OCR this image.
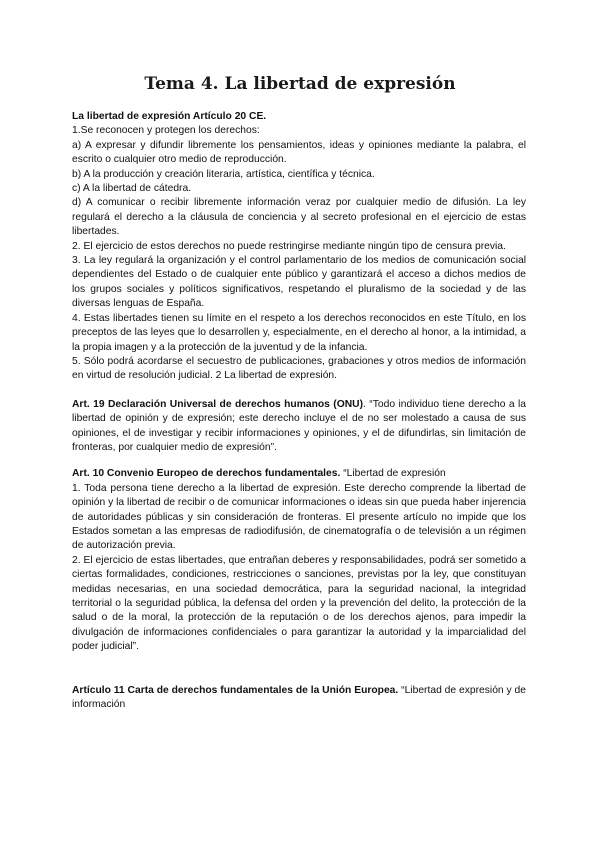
Tema 4. La libertad de expresión

La libertad de expresión Artículo 20 CE.

1.Se reconocen y protegen los derechos:

a) A expresar y difundir libremente los pensamientos, ideas y opiniones mediante la palabra, el escrito o cualquier otro medio de reproducción.

b) A la producción y creación literaria, artística, científica y técnica.

c) A la libertad de cátedra.

d) A comunicar o recibir libremente información veraz por cualquier medio de difusión. La ley regulará el derecho a la cláusula de conciencia y al secreto profesional en el ejercicio de estas libertades.

2. El ejercicio de estos derechos no puede restringirse mediante ningún tipo de censura previa.

3. La ley regulará la organización y el control parlamentario de los medios de comunicación social dependientes del Estado o de cualquier ente público y garantizará el acceso a dichos medios de los grupos sociales y políticos significativos, respetando el pluralismo de la sociedad y de las diversas lenguas de España.

4. Estas libertades tienen su límite en el respeto a los derechos reconocidos en este Título, en los preceptos de las leyes que lo desarrollen y, especialmente, en el derecho al honor, a la intimidad, a la propia imagen y a la protección de la juventud y de la infancia.

5. Sólo podrá acordarse el secuestro de publicaciones, grabaciones y otros medios de información en virtud de resolución judicial. 2 La libertad de expresión.

Art. 19 Declaración Universal de derechos humanos (ONU). “Todo individuo tiene derecho a la libertad de opinión y de expresión; este derecho incluye el de no ser molestado a causa de sus opiniones, el de investigar y recibir informaciones y opiniones, y el de difundirlas, sin limitación de fronteras, por cualquier medio de expresión”.

Art. 10 Convenio Europeo de derechos fundamentales. “Libertad de expresión

1. Toda persona tiene derecho a la libertad de expresión. Este derecho comprende la libertad de opinión y la libertad de recibir o de comunicar informaciones o ideas sin que pueda haber injerencia de autoridades públicas y sin consideración de fronteras. El presente artículo no impide que los Estados sometan a las empresas de radiodifusión, de cinematografía o de televisión a un régimen de autorización previa.

2. El ejercicio de estas libertades, que entrañan deberes y responsabilidades, podrá ser sometido a ciertas formalidades, condiciones, restricciones o sanciones, previstas por la ley, que constituyan medidas necesarias, en una sociedad democrática, para la seguridad nacional, la integridad territorial o la seguridad pública, la defensa del orden y la prevención del delito, la protección de la salud o de la moral, la protección de la reputación o de los derechos ajenos, para impedir la divulgación de informaciones confidenciales o para garantizar la autoridad y la imparcialidad del poder judicial”.

Artículo 11 Carta de derechos fundamentales de la Unión Europea. “Libertad de expresión y de información
